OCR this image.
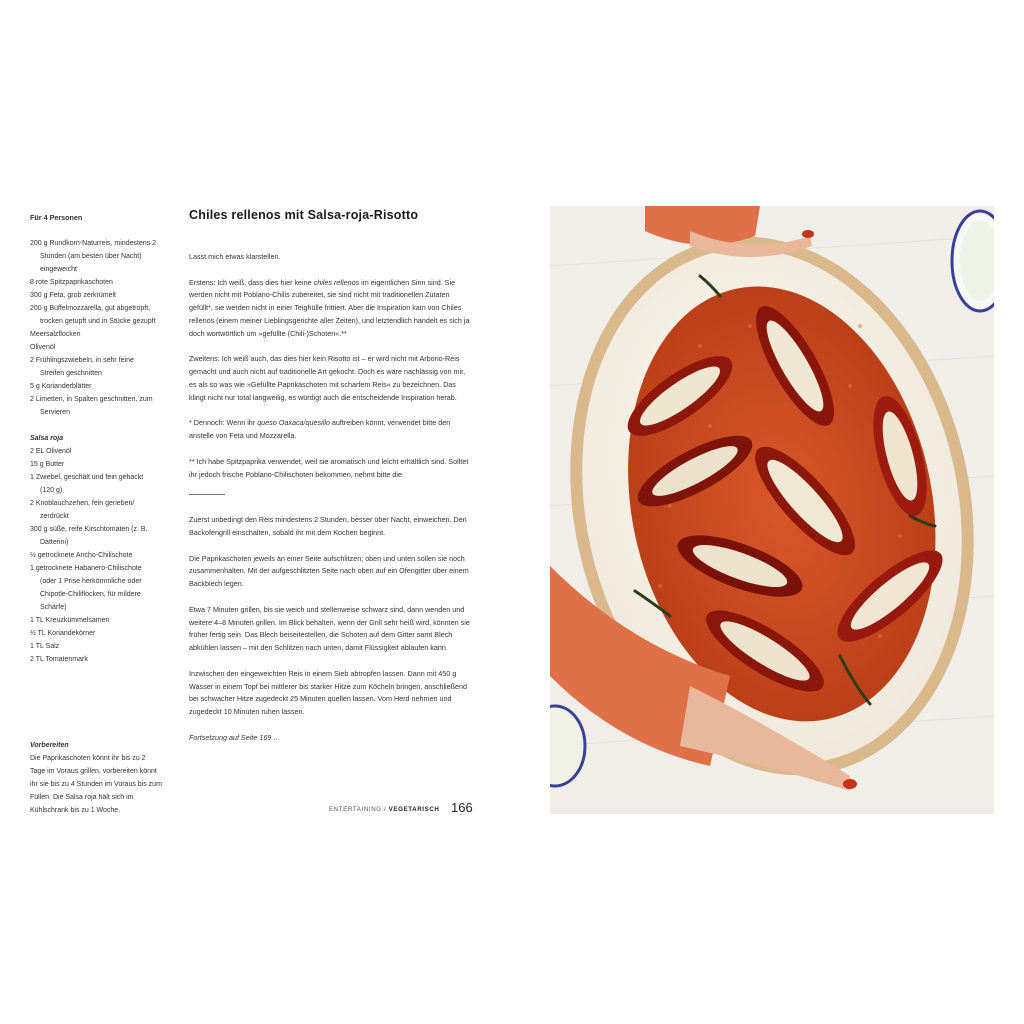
Für 4 Personen
200 g Rundkorn-Naturreis, mindestens 2 Stunden (am besten über Nacht) eingeweicht
8 rote Spitzpaprikaschoten
300 g Feta, grob zerkrümelt
200 g Büffelmozzarella, gut abgetropft, trocken getupft und in Stücke gezupft
Meersalzflocken
Olivenöl
2 Frühlingszwiebeln, in sehr feine Streifen geschnitten
5 g Korianderblätter
2 Limetten, in Spalten geschnitten, zum Servieren
Salsa roja
2 EL Olivenöl
15 g Butter
1 Zwiebel, geschält und fein gehackt (120 g)
2 Knoblauchzehen, fein gerieben/ zerdrückt
300 g süße, reife Kirschtomaten (z. B. Datterini)
½ getrocknete Ancho-Chilischote
1 getrocknete Habanero-Chilischote (oder 1 Prise herkömmliche oder Chipotle-Chiliflocken, für mildere Schärfe)
1 TL Kreuzkümmelsamen
½ TL Koriandekörner
1 TL Salz
2 TL Tomatenmark
Vorbereiten
Die Paprikaschoten könnt ihr bis zu 2 Tage im Voraus grillen, vorbereiten könnt ihr sie bis zu 4 Stunden im Voraus bis zum Füllen. Die Salsa roja hält sich im Kühlschrank bis zu 1 Woche.
Chiles rellenos mit Salsa-roja-Risotto

Lasst mich etwas klarstellen.

Erstens: Ich weiß, dass dies hier keine chiles rellenos im eigentlichen Sinn sind. Sie werden nicht mit Poblano-Chilis zubereitet, sie sind nicht mit traditionellen Zutaten gefüllt*, sie werden nicht in einer Teighülle frittiert. Aber die Inspiration kam von Chiles rellenos (einem meiner Lieblingsgerichte aller Zeiten), und letztendlich handelt es sich ja doch wortwörtlich um »gefüllte (Chili-)Schoten«.**

Zweitens: Ich weiß auch, das dies hier kein Risotto ist – er wird nicht mit Arborio-Reis gemacht und auch nicht auf traditionelle Art gekocht. Doch es wäre nachlässig von mir, es als so was wie »Gefüllte Paprikaschoten mit scharfem Reis« zu bezeichnen. Das klingt nicht nur total langweilig, es würdigt auch die entscheidende Inspiration herab.

* Dennoch: Wenn ihr queso Oaxaca/quesillo auftreiben könnt, verwendet bitte den anstelle von Feta und Mozzarella.

** Ich habe Spitzpaprika verwendet, weil sie aromatisch und leicht erhältlich sind. Solltet ihr jedoch frische Poblano-Chilischoten bekommen, nehmt bitte die.

Zuerst unbedingt den Reis mindestens 2 Stunden, besser über Nacht, einweichen. Den Backofengrill einschalten, sobald ihr mit dem Kochen beginnt.

Die Paprikaschoten jeweils an einer Seite aufschlitzen; oben und unten sollen sie noch zusammenhalten. Mit der aufgeschlitzten Seite nach oben auf ein Ofengitter über einem Backblech legen.

Etwa 7 Minuten grillen, bis sie weich und stellenweise schwarz sind, dann wenden und weitere 4–8 Minuten grillen. Im Blick behalten, wenn der Grill sehr heiß wird, könnten sie früher fertig sein. Das Blech beiseitestellen, die Schoten auf dem Gitter samt Blech abkühlen lassen – mit den Schlitzen nach unten, damit Flüssigkeit ablaufen kann.

Inzwischen den eingeweichten Reis in einem Sieb abtropfen lassen. Dann mit 450 g Wasser in einem Topf bei mittlerer bis starker Hitze zum Köcheln bringen, anschließend bei schwacher Hitze zugedeckt 25 Minuten quellen lassen. Vom Herd nehmen und zugedeckt 10 Minuten ruhen lassen.

Fortsetzung auf Seite 169 …

ENTERTAINING / VEGETARISCH 166
